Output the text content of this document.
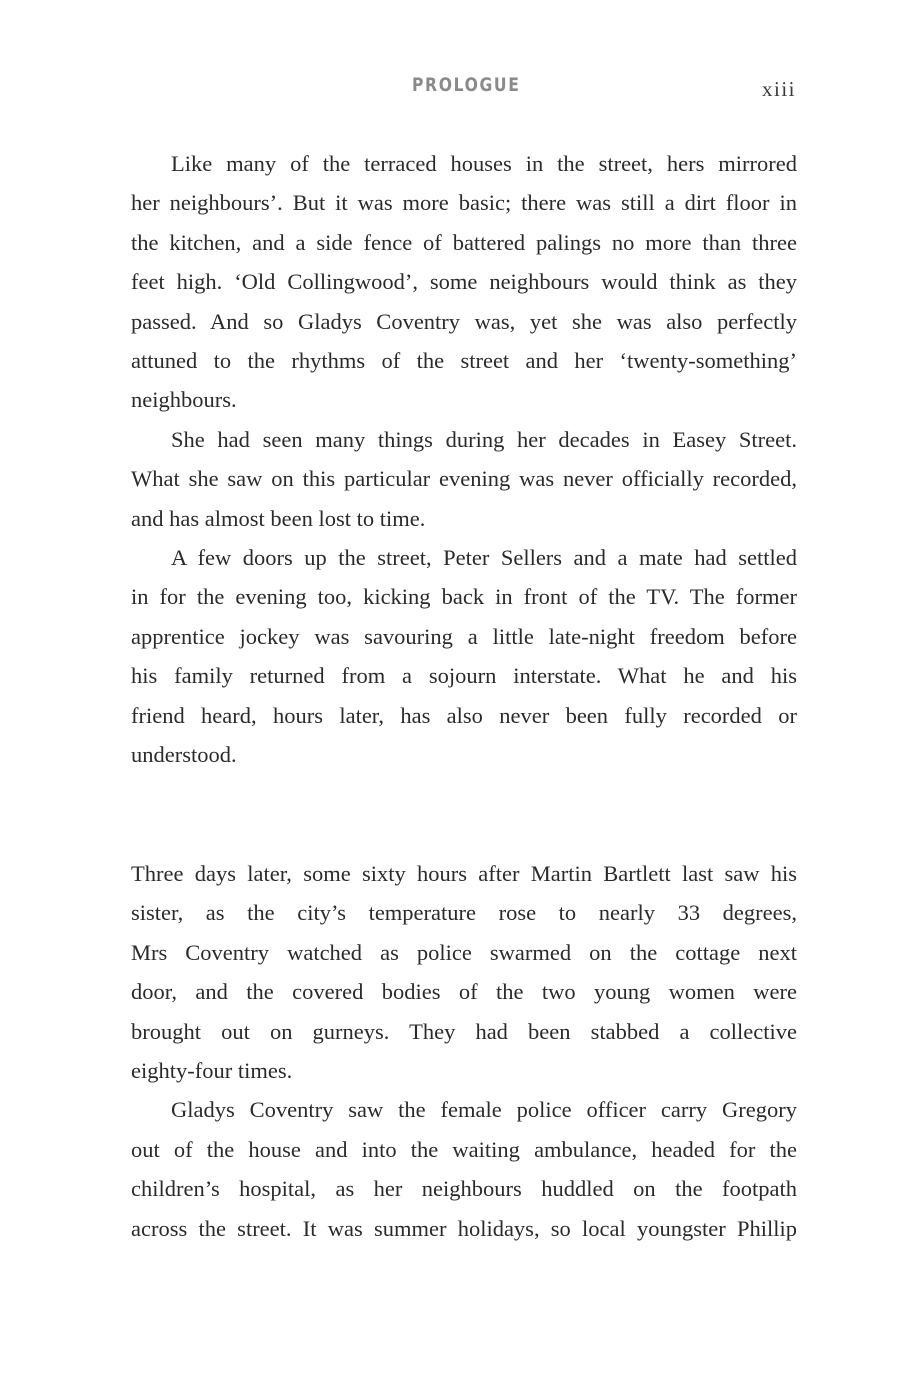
PROLOGUE	xiii

Like many of the terraced houses in the street, hers mirrored
her neighbours’. But it was more basic; there was still a dirt floor in
the kitchen, and a side fence of battered palings no more than three
feet high. ‘Old Collingwood’, some neighbours would think as they
passed. And so Gladys Coventry was, yet she was also perfectly
attuned to the rhythms of the street and her ‘twenty-something’
neighbours.

She had seen many things during her decades in Easey Street.
What she saw on this particular evening was never officially recorded,
and has almost been lost to time.

A few doors up the street, Peter Sellers and a mate had settled
in for the evening too, kicking back in front of the TV. The former
apprentice jockey was savouring a little late-night freedom before
his family returned from a sojourn interstate. What he and his
friend heard, hours later, has also never been fully recorded or
understood.

Three days later, some sixty hours after Martin Bartlett last saw his
sister, as the city’s temperature rose to nearly 33 degrees,
Mrs Coventry watched as police swarmed on the cottage next
door, and the covered bodies of the two young women were
brought out on gurneys. They had been stabbed a collective
eighty-four times.

Gladys Coventry saw the female police officer carry Gregory
out of the house and into the waiting ambulance, headed for the
children’s hospital, as her neighbours huddled on the footpath
across the street. It was summer holidays, so local youngster Phillip
